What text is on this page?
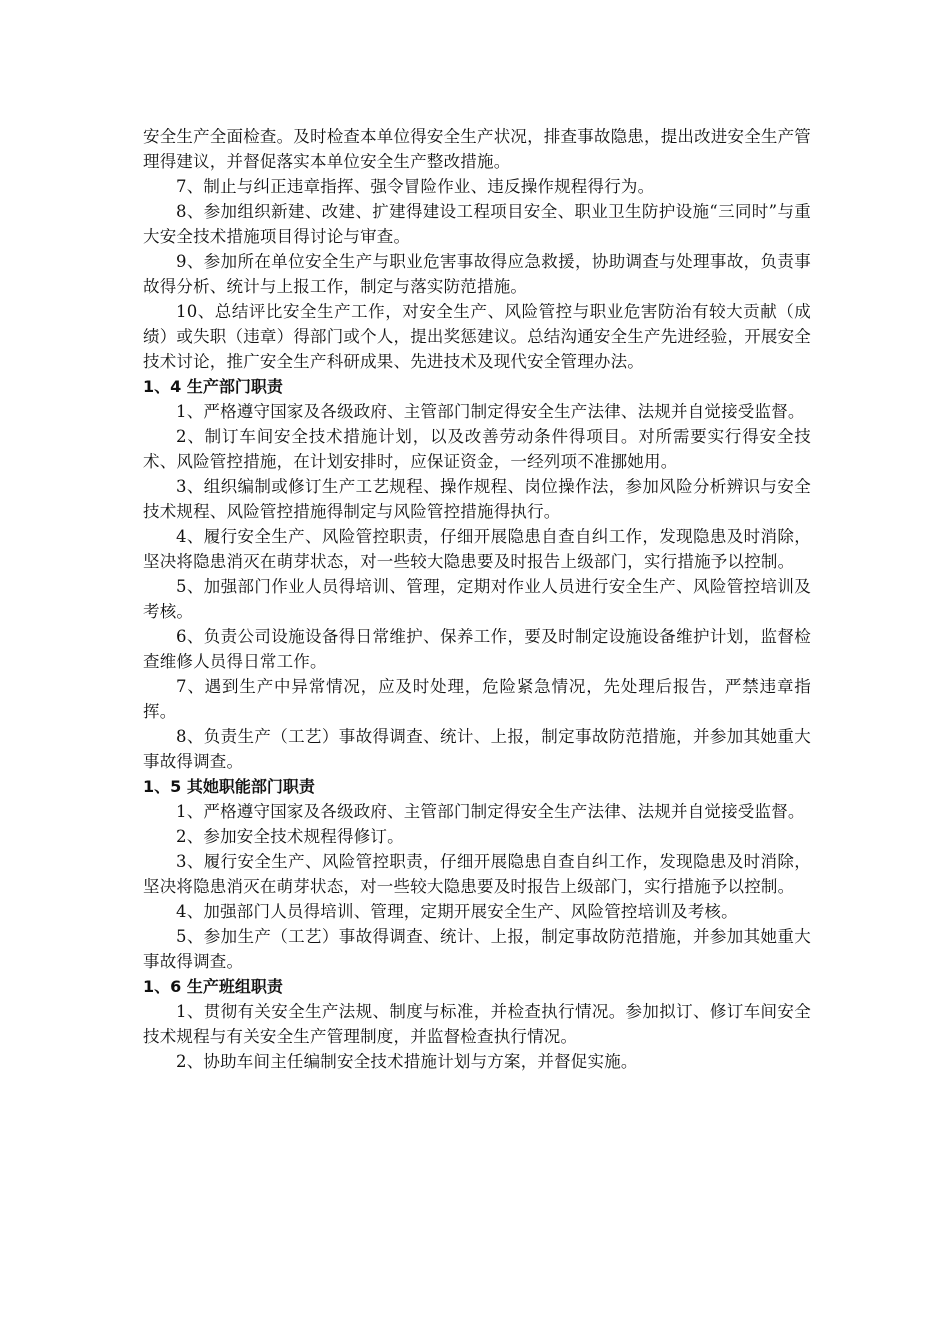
安全生产全面检查。及时检查本单位得安全生产状况，排查事故隐患，提出改进安全生产管理得建议，并督促落实本单位安全生产整改措施。

7、制止与纠正违章指挥、强令冒险作业、违反操作规程得行为。

8、参加组织新建、改建、扩建得建设工程项目安全、职业卫生防护设施“三同时”与重大安全技术措施项目得讨论与审查。

9、参加所在单位安全生产与职业危害事故得应急救援，协助调查与处理事故，负责事故得分析、统计与上报工作，制定与落实防范措施。

10、总结评比安全生产工作，对安全生产、风险管控与职业危害防治有较大贡献（成绩）或失职（违章）得部门或个人，提出奖惩建议。总结沟通安全生产先进经验，开展安全技术讨论，推广安全生产科研成果、先进技术及现代安全管理办法。

1、4 生产部门职责

1、严格遵守国家及各级政府、主管部门制定得安全生产法律、法规并自觉接受监督。

2、制订车间安全技术措施计划，以及改善劳动条件得项目。对所需要实行得安全技术、风险管控措施，在计划安排时，应保证资金，一经列项不准挪她用。

3、组织编制或修订生产工艺规程、操作规程、岗位操作法，参加风险分析辨识与安全技术规程、风险管控措施得制定与风险管控措施得执行。

4、履行安全生产、风险管控职责，仔细开展隐患自查自纠工作，发现隐患及时消除，坚决将隐患消灭在萌芽状态，对一些较大隐患要及时报告上级部门，实行措施予以控制。

5、加强部门作业人员得培训、管理，定期对作业人员进行安全生产、风险管控培训及考核。

6、负责公司设施设备得日常维护、保养工作，要及时制定设施设备维护计划，监督检查维修人员得日常工作。

7、遇到生产中异常情况，应及时处理，危险紧急情况，先处理后报告，严禁违章指挥。

8、负责生产（工艺）事故得调查、统计、上报，制定事故防范措施，并参加其她重大事故得调查。

1、5 其她职能部门职责

1、严格遵守国家及各级政府、主管部门制定得安全生产法律、法规并自觉接受监督。

2、参加安全技术规程得修订。

3、履行安全生产、风险管控职责，仔细开展隐患自查自纠工作，发现隐患及时消除，坚决将隐患消灭在萌芽状态，对一些较大隐患要及时报告上级部门，实行措施予以控制。

4、加强部门人员得培训、管理，定期开展安全生产、风险管控培训及考核。

5、参加生产（工艺）事故得调查、统计、上报，制定事故防范措施，并参加其她重大事故得调查。

1、6 生产班组职责

1、贯彻有关安全生产法规、制度与标准，并检查执行情况。参加拟订、修订车间安全技术规程与有关安全生产管理制度，并监督检查执行情况。

2、协助车间主任编制安全技术措施计划与方案，并督促实施。
